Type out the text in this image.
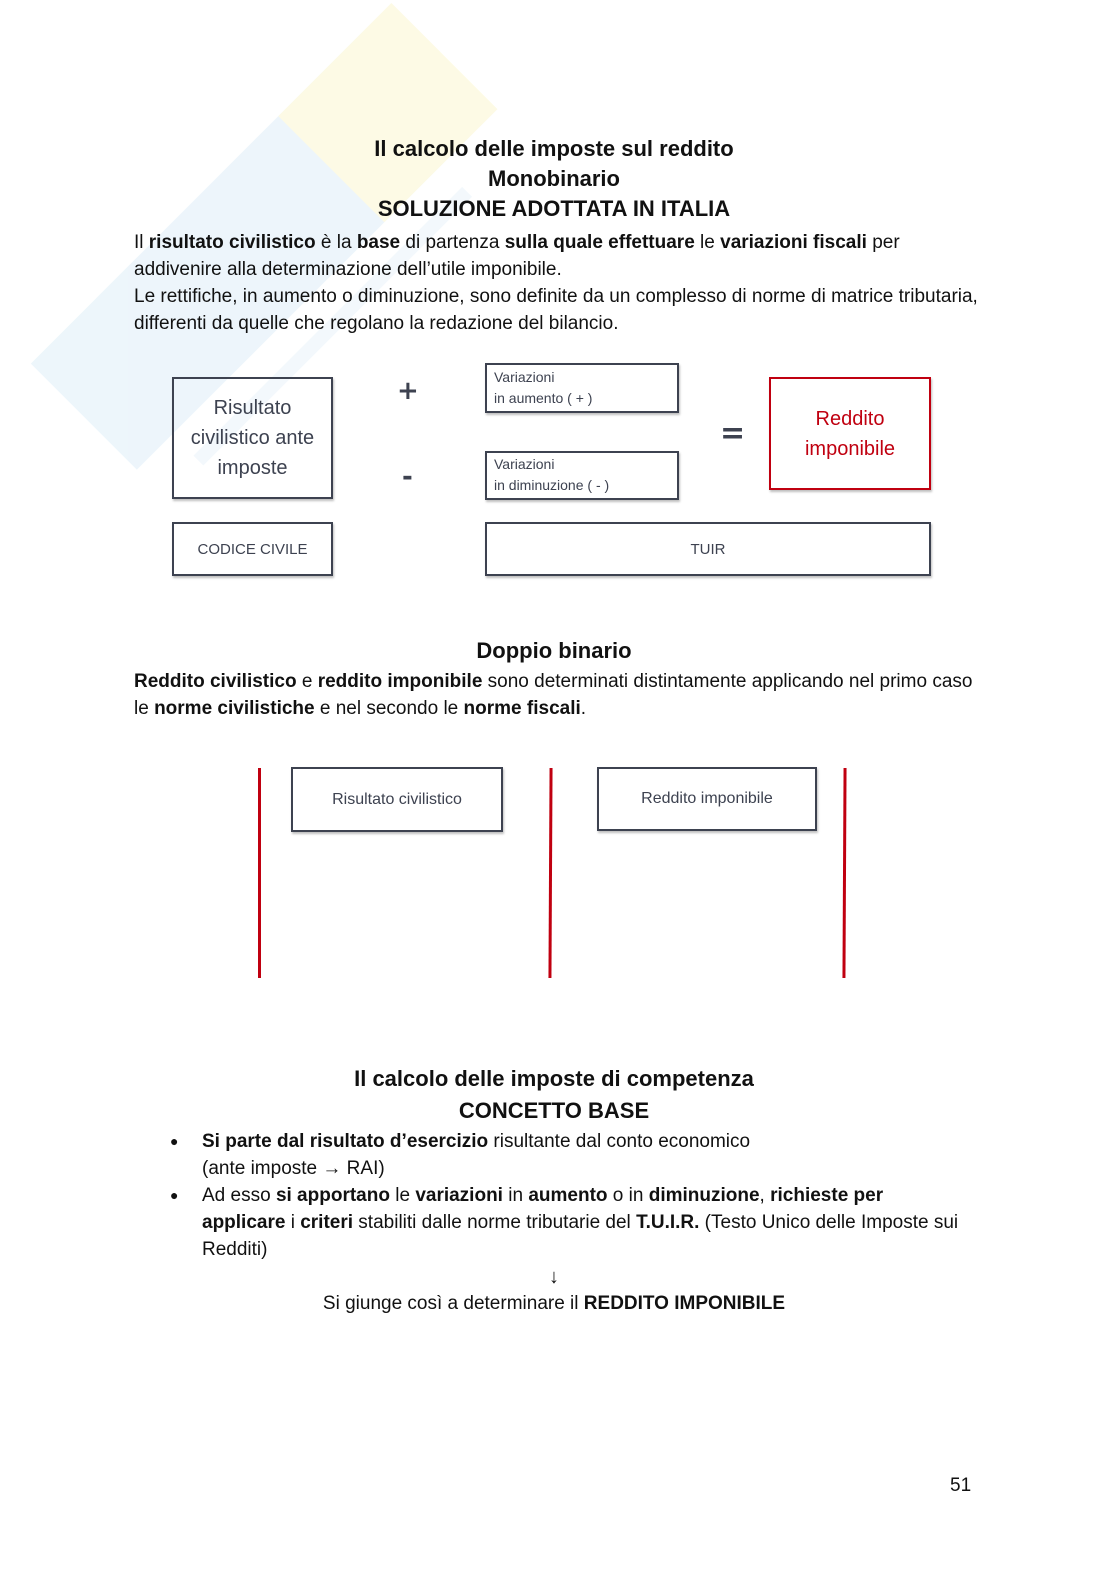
Il calcolo delle imposte sul reddito
Monobinario
SOLUZIONE ADOTTATA IN ITALIA
Il risultato civilistico è la base di partenza sulla quale effettuare le variazioni fiscali per addivenire alla determinazione dell’utile imponibile.
Le rettifiche, in aumento o diminuzione, sono definite da un complesso di norme di matrice tributaria, differenti da quelle che regolano la redazione del bilancio.
Risultato civilistico ante imposte
+
-
=
Variazioni
in aumento ( + )
Variazioni
in diminuzione ( - )
Reddito imponibile
CODICE CIVILE	TUIR
Doppio binario
Reddito civilistico e reddito imponibile sono determinati distintamente applicando nel primo caso le norme civilistiche e nel secondo le norme fiscali.
Risultato civilistico	Reddito imponibile
Il calcolo delle imposte di competenza
CONCETTO BASE
● Si parte dal risultato d’esercizio risultante dal conto economico
(ante imposte → RAI)
● Ad esso si apportano le variazioni in aumento o in diminuzione, richieste per applicare i criteri stabiliti dalle norme tributarie del T.U.I.R. (Testo Unico delle Imposte sui Redditi)
↓
Si giunge così a determinare il REDDITO IMPONIBILE
51
